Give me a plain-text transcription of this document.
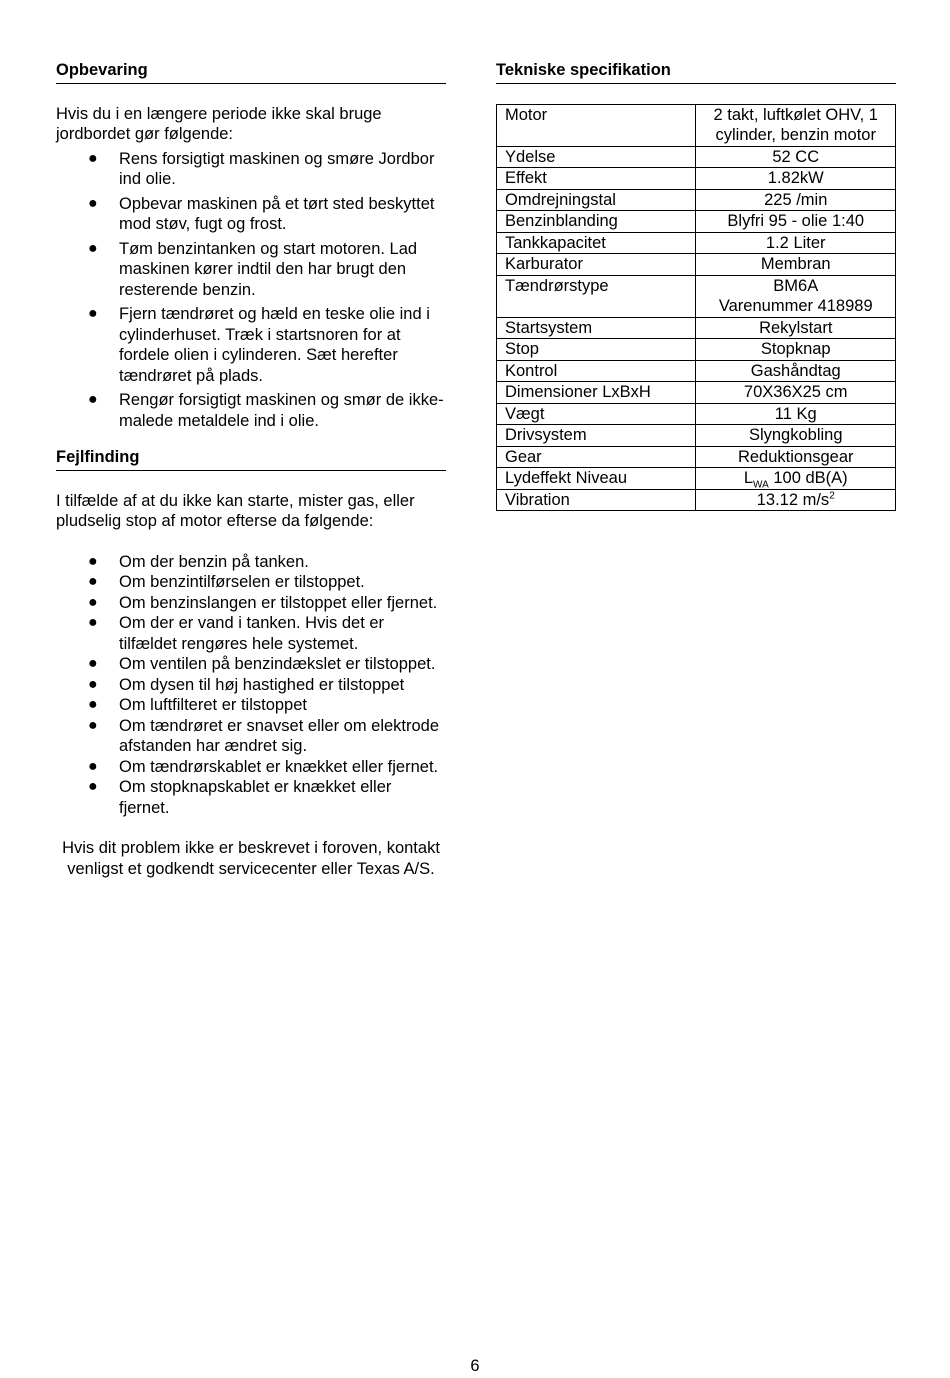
Opbevaring
Hvis du i en længere periode ikke skal bruge jordbordet gør følgende:
● Rens forsigtigt maskinen og smøre Jordbor ind olie.
● Opbevar maskinen på et tørt sted beskyttet mod støv, fugt og frost.
● Tøm benzintanken og start motoren. Lad maskinen kører indtil den har brugt den resterende benzin.
● Fjern tændrøret og hæld en teske olie ind i cylinderhuset. Træk i startsnoren for at fordele olien i cylinderen. Sæt herefter tændrøret på plads.
● Rengør forsigtigt maskinen og smør de ikke-malede metaldele ind i olie.
Fejlfinding
I tilfælde af at du ikke kan starte, mister gas, eller pludselig stop af motor efterse da følgende:
● Om der benzin på tanken.
● Om benzintilførselen er tilstoppet.
● Om benzinslangen er tilstoppet eller fjernet.
● Om der er vand i tanken. Hvis det er tilfældet rengøres hele systemet.
● Om ventilen på benzindækslet er tilstoppet.
● Om dysen til høj hastighed er tilstoppet
● Om luftfilteret er tilstoppet
● Om tændrøret er snavset eller om elektrode afstanden har ændret sig.
● Om tændrørskablet er knækket eller fjernet.
● Om stopknapskablet er knækket eller fjernet.
Hvis dit problem ikke er beskrevet i foroven, kontakt venligst et godkendt servicecenter eller Texas A/S.
Tekniske specifikation
Motor	2 takt, luftkølet OHV, 1 cylinder, benzin motor
Ydelse	52 CC
Effekt	1.82kW
Omdrejningstal	225 /min
Benzinblanding	Blyfri 95 - olie 1:40
Tankkapacitet	1.2 Liter
Karburator	Membran
Tændrørstype	BM6A
Varenummer 418989

Startsystem	Rekylstart
Stop	Stopknap
Kontrol	Gashåndtag
Dimensioner LxBxH	70X36X25 cm
Vægt	11 Kg
Drivsystem	Slyngkobling
Gear	Reduktionsgear
Lydeffekt Niveau	$L_{WA}$ 100 dB(A)
Vibration	13.12 $m/s^2$
6
